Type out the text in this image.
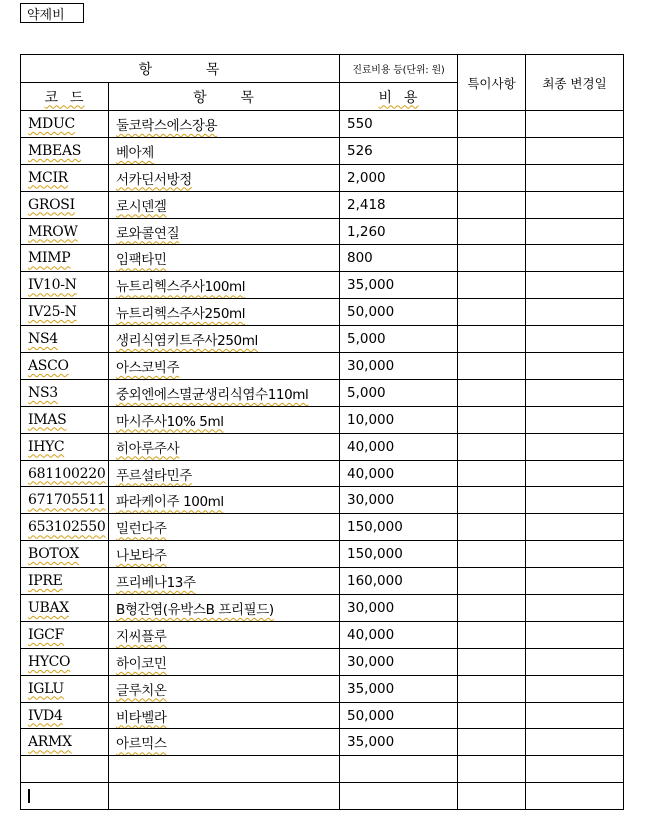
약제비
항        목		진료비용 등(단위: 원)	특이사항	최종 변경일
코  드	항      목	비  용		
MDUC	둘코락스에스장용	550		
MBEAS	베아제	526		
MCIR	서카딘서방정	2,000		
GROSI	로시덴겔	2,418		
MROW	로와콜연질	1,260		
MIMP	임팩타민	800		
IV10-N	뉴트리헥스주사100ml	35,000		
IV25-N	뉴트리헥스주사250ml	50,000		
NS4	생리식염키트주사250ml	5,000		
ASCO	아스코빅주	30,000		
NS3	중외엔에스멸균생리식염수110ml	5,000		
IMAS	마시주사10% 5ml	10,000		
IHYC	히아루주사	40,000		
681100220	푸르설타민주	40,000		
671705511	파라케이주 100ml	30,000		
653102550	밀런다주	150,000		
BOTOX	나보타주	150,000		
IPRE	프리베나13주	160,000		
UBAX	B형간염(유박스B 프리필드)	30,000		
IGCF	지씨플루	40,000		
HYCO	하이코민	30,000		
IGLU	글루치온	35,000		
IVD4	비타벨라	50,000		
ARMX	아르믹스	35,000		
